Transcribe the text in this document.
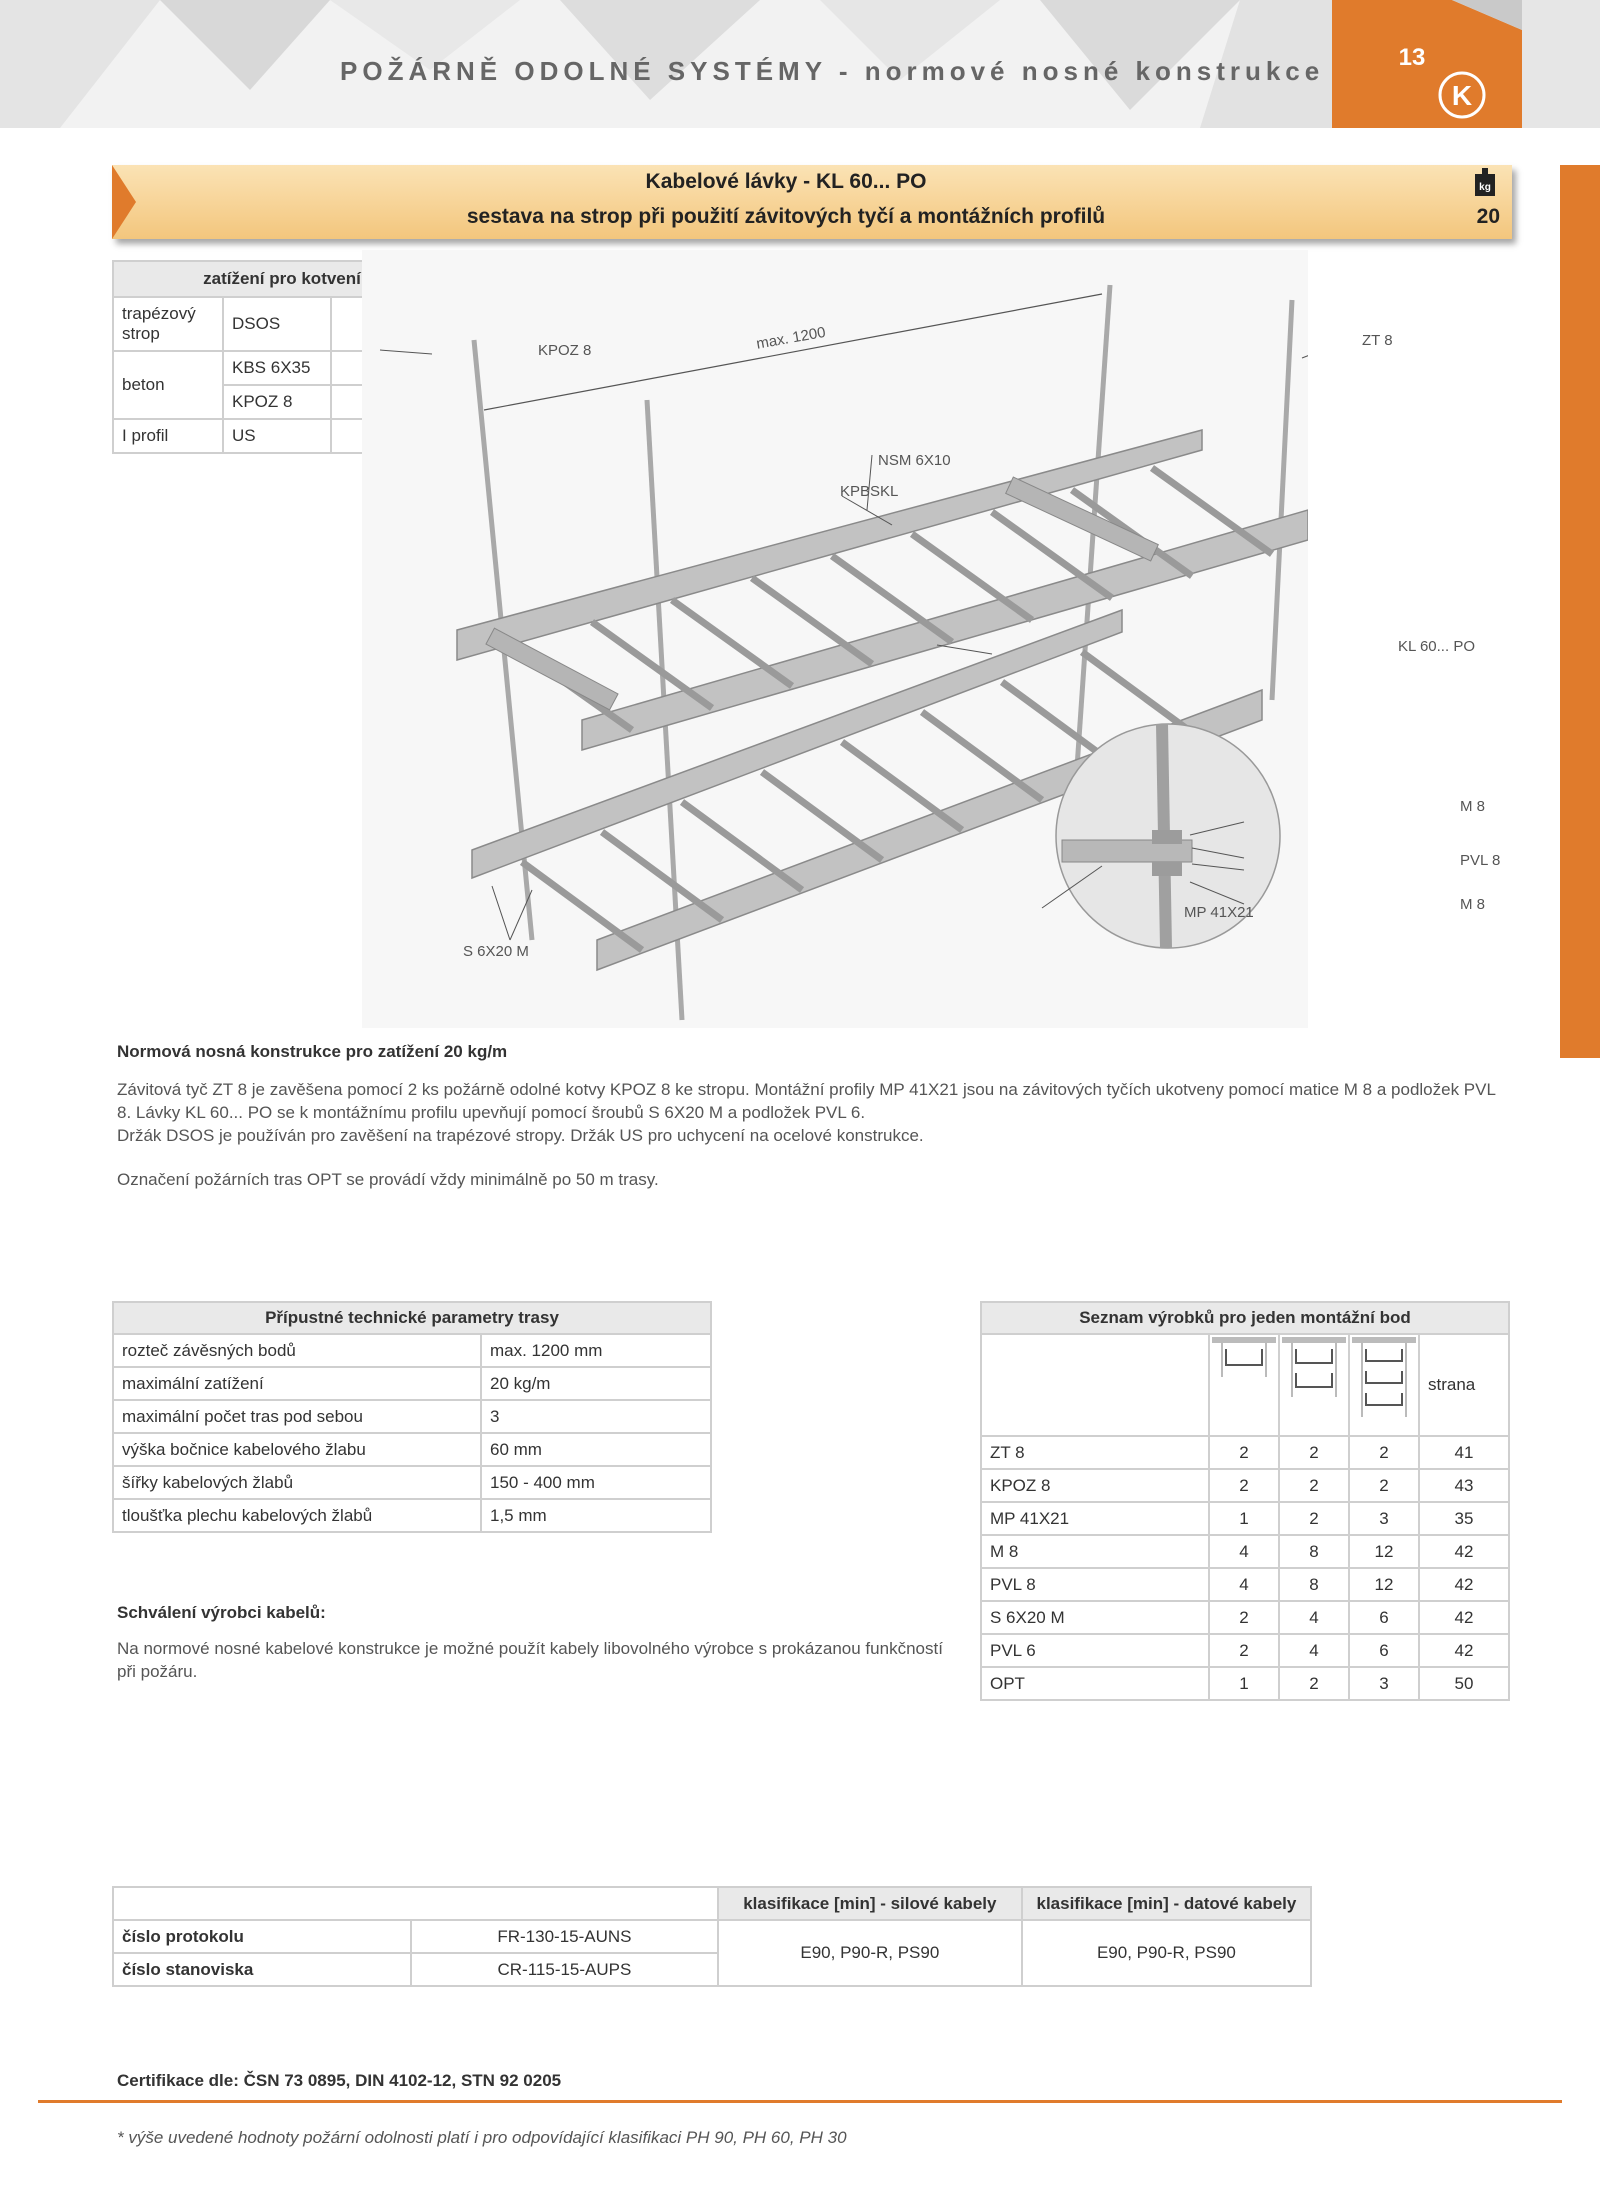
POŽÁRNĚ ODOLNÉ SYSTÉMY - normové nosné konstrukce
K
13
Kabelové lávky - KL 60... PO
sestava na strop při použití závitových tyčí a montážních profilů
kg
20
zatížení pro kotvení		
trapézový strop	DSOS	
beton	KBS 6X35	
	KPOZ 8	
I profil	US	
KPOZ 8	max. 1200	ZT 8
NSM 6X10
KPBSKL
KL 60... PO
M 8
PVL 8
M 8
MP 41X21
S 6X20 M
Normová nosná konstrukce pro zatížení 20 kg/m
Závitová tyč ZT 8 je zavěšena pomocí 2 ks požárně odolné kotvy KPOZ 8 ke stropu. Montážní profily MP 41X21 jsou na závitových tyčích ukotveny pomocí matice M 8 a podložek PVL 8. Lávky KL 60... PO se k montážnímu profilu upevňují pomocí šroubů S 6X20 M a podložek PVL 6.
Držák DSOS je používán pro zavěšení na trapézové stropy. Držák US pro uchycení na ocelové konstrukce.
Označení požárních tras OPT se provádí vždy minimálně po 50 m trasy.
Přípustné technické parametry trasy	
rozteč závěsných bodů	max. 1200 mm
maximální zatížení	20 kg/m
maximální počet tras pod sebou	3
výška bočnice kabelového žlabu	60 mm
šířky kabelových žlabů	150 - 400 mm
tloušťka plechu kabelových žlabů	1,5 mm
Schválení výrobci kabelů:
Na normové nosné kabelové konstrukce je možné použít kabely libovolného výrobce s prokázanou funkčností při požáru.
Seznam výrobků pro jeden montážní bod				
				strana
ZT 8	2	2	2	41
KPOZ 8	2	2	2	43
MP 41X21	1	2	3	35
M 8	4	8	12	42
PVL 8	4	8	12	42
S 6X20 M	2	4	6	42
PVL 6	2	4	6	42
OPT	1	2	3	50
		klasifikace [min] - silové kabely	klasifikace [min] - datové kabely
číslo protokolu	FR-130-15-AUNS	E90, P90-R, PS90	E90, P90-R, PS90
číslo stanoviska	CR-115-15-AUPS		
Certifikace dle: ČSN 73 0895, DIN 4102-12, STN 92 0205
* výše uvedené hodnoty požární odolnosti platí i pro odpovídající klasifikaci PH 90, PH 60, PH 30
